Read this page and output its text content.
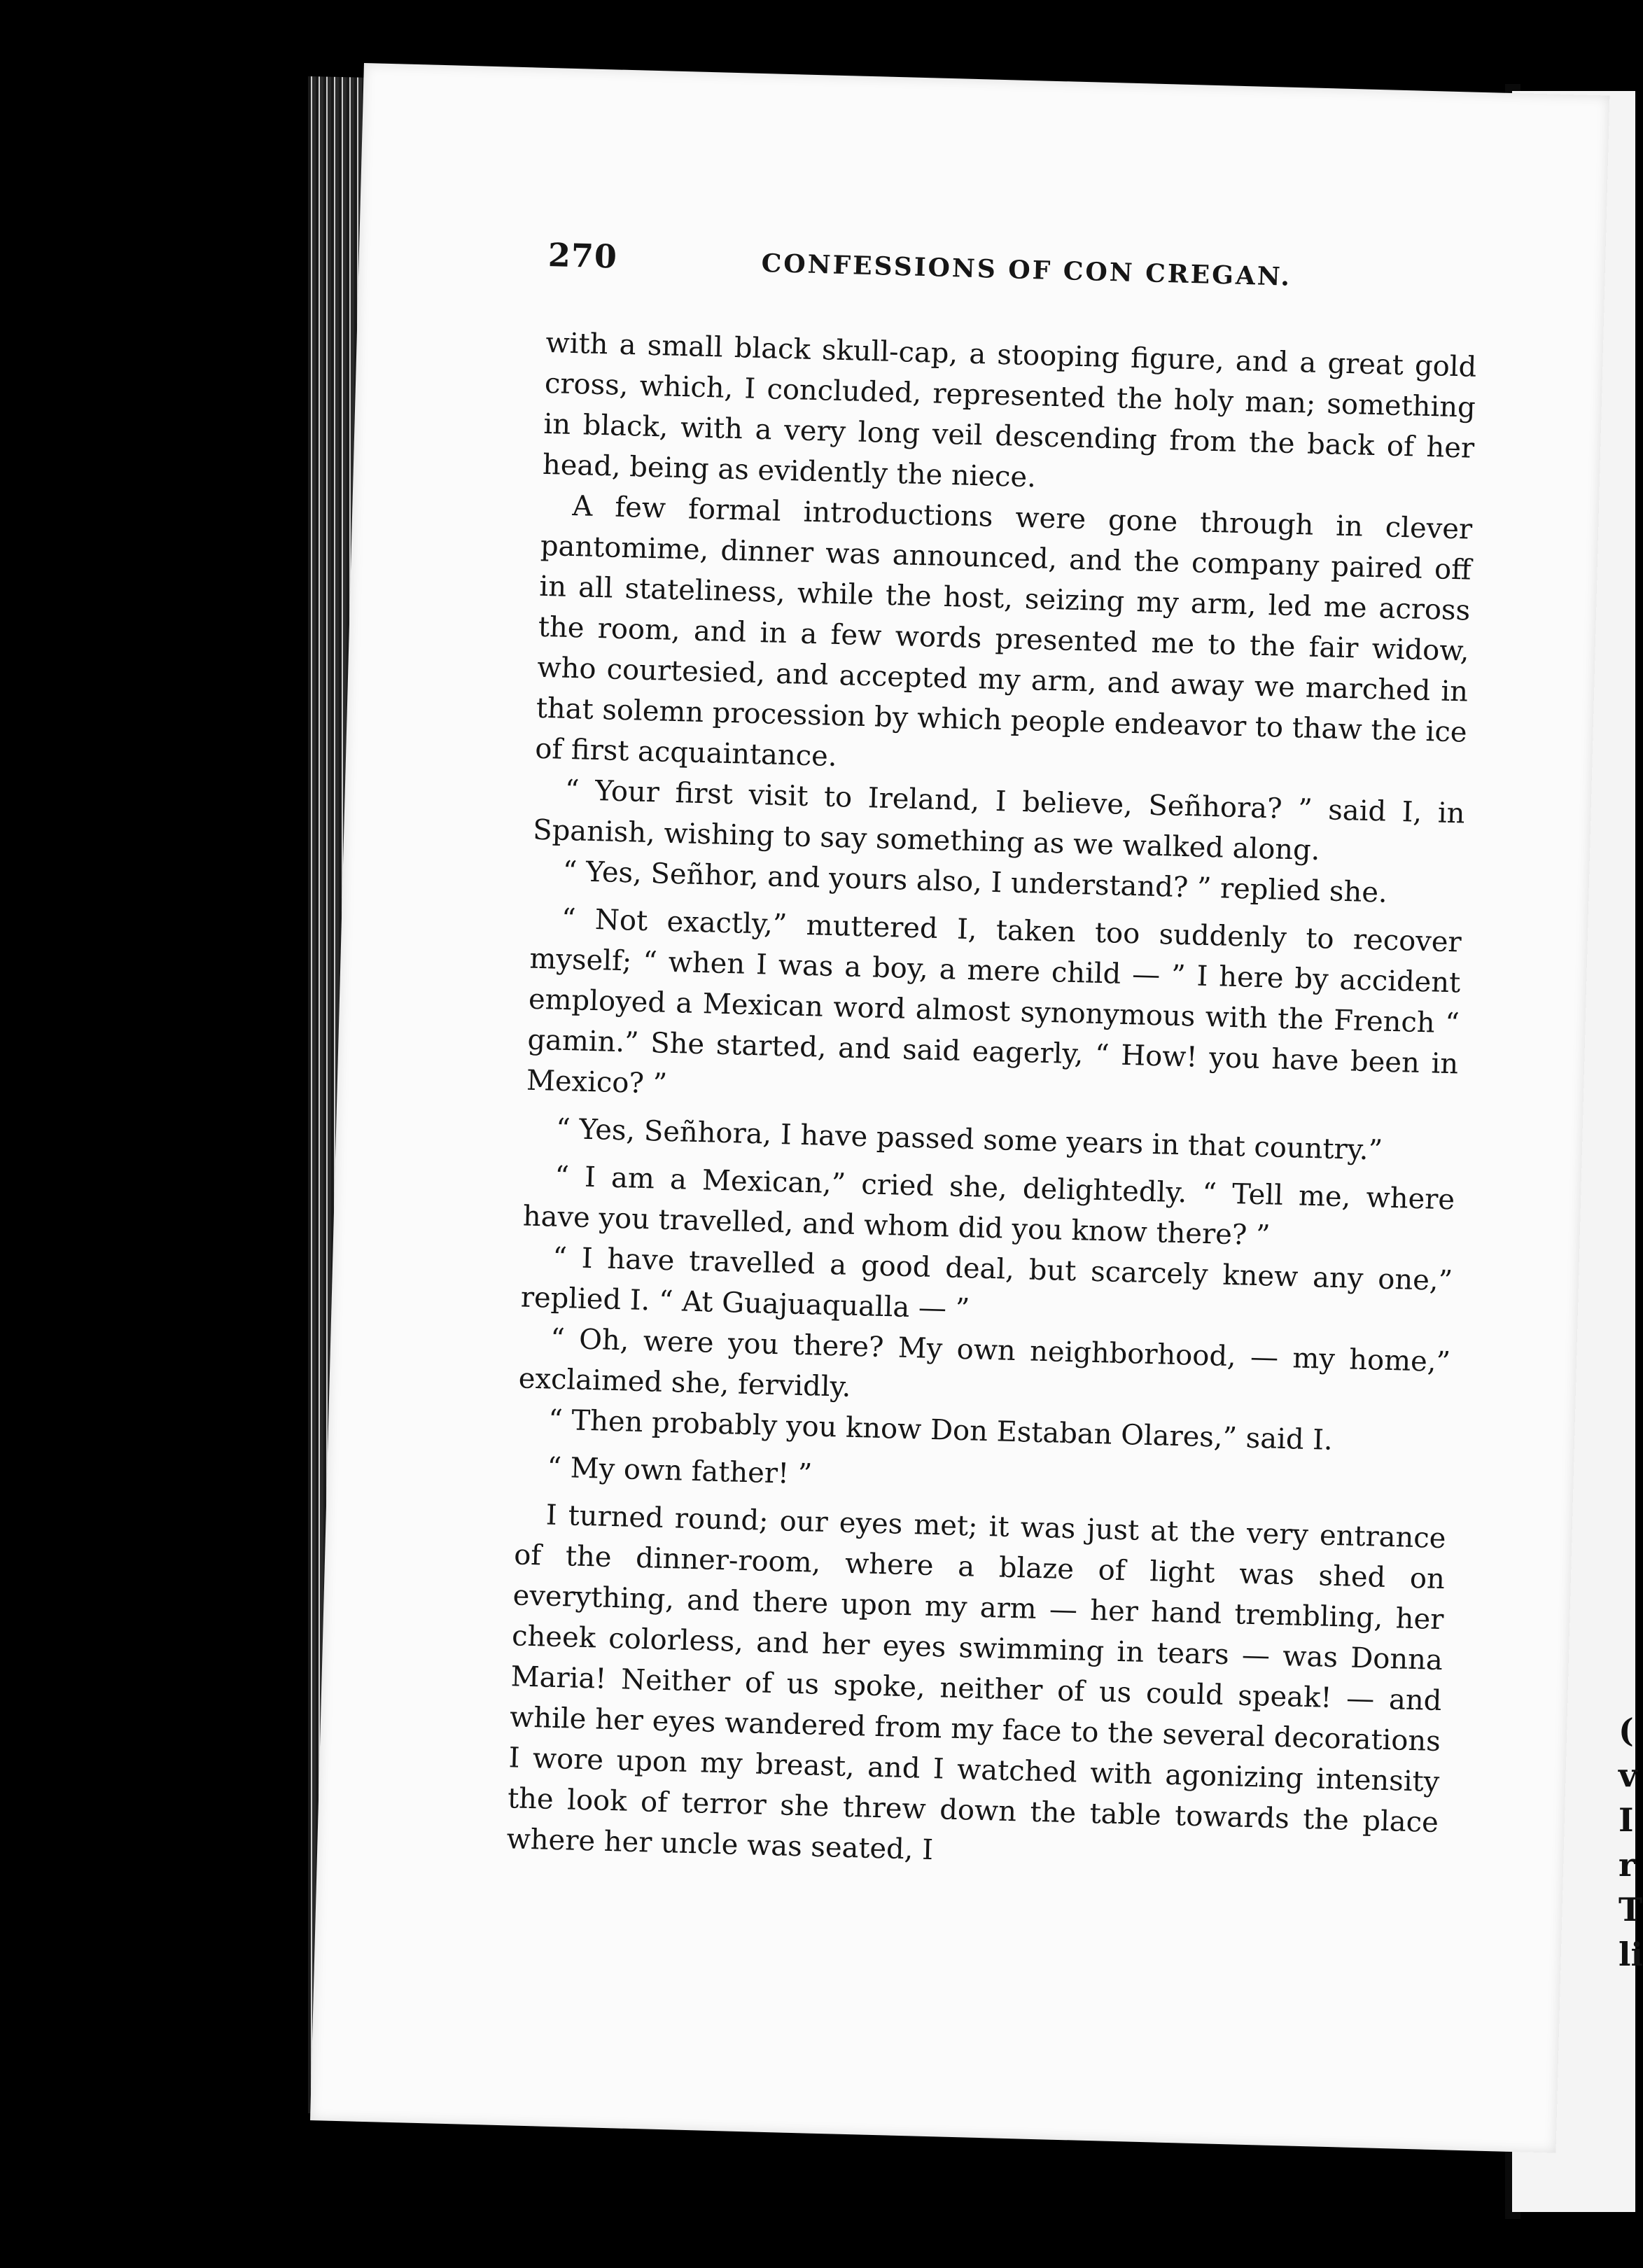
(
v
I
r
T
li
270	CONFESSIONS OF CON CREGAN.

with a small black skull-cap, a stooping figure, and a great gold cross, which, I concluded, represented the holy man; something in black, with a very long veil descending from the back of her head, being as evidently the niece.

A few formal introductions were gone through in clever pantomime, dinner was announced, and the company paired off in all stateliness, while the host, seizing my arm, led me across the room, and in a few words presented me to the fair widow, who courtesied, and accepted my arm, and away we marched in that solemn procession by which people endeavor to thaw the ice of first acquaintance.

“ Your first visit to Ireland, I believe, Señhora? ” said I, in Spanish, wishing to say something as we walked along.

“ Yes, Señhor, and yours also, I understand? ” replied she.

“ Not exactly,” muttered I, taken too suddenly to recover myself; “ when I was a boy, a mere child — ” I here by accident employed a Mexican word almost synonymous with the French “ gamin.” She started, and said eagerly, “ How! you have been in Mexico? ”

“ Yes, Señhora, I have passed some years in that country.”

“ I am a Mexican,” cried she, delightedly. “ Tell me, where have you travelled, and whom did you know there? ”

“ I have travelled a good deal, but scarcely knew any one,” replied I. “ At Guajuaqualla — ”

“ Oh, were you there? My own neighborhood, — my home,” exclaimed she, fervidly.

“ Then probably you know Don Estaban Olares,” said I.

“ My own father! ”

I turned round; our eyes met; it was just at the very entrance of the dinner-room, where a blaze of light was shed on everything, and there upon my arm — her hand trembling, her cheek colorless, and her eyes swimming in tears — was Donna Maria! Neither of us spoke, neither of us could speak! — and while her eyes wandered from my face to the several decorations I wore upon my breast, and I watched with agonizing intensity the look of terror she threw down the table towards the place where her uncle was seated, I
